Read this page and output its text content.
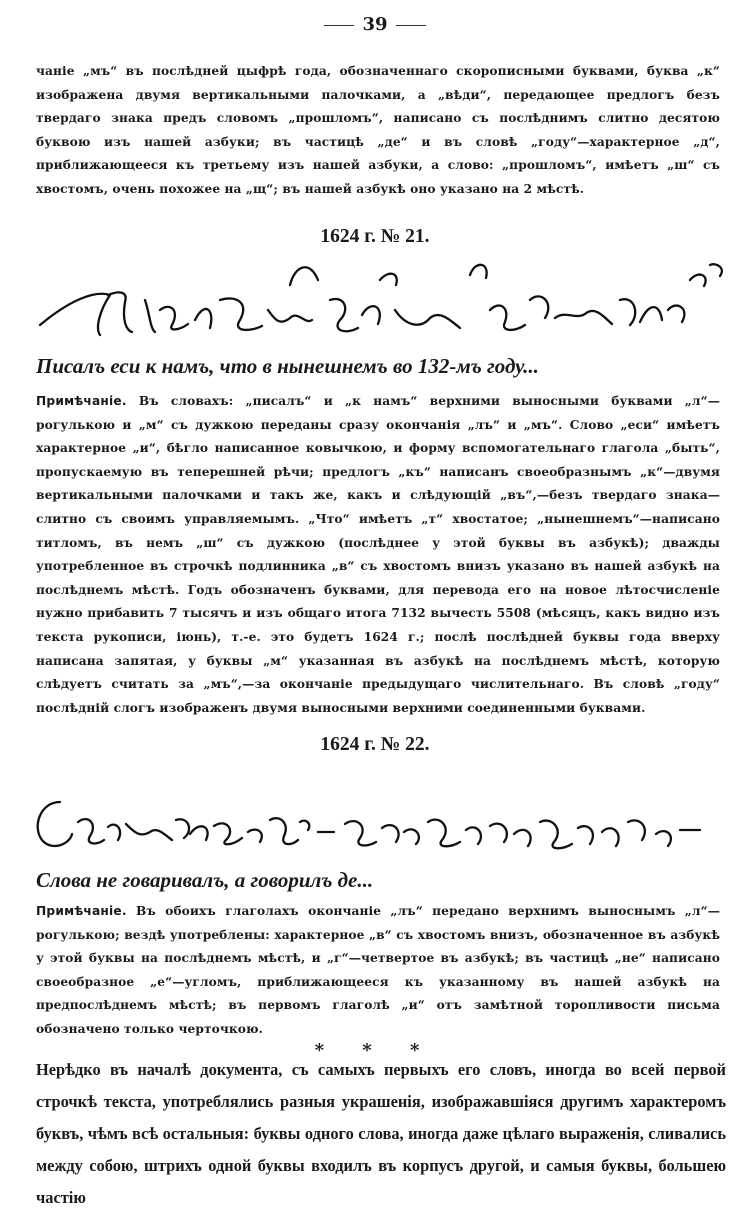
39
чаніе „мъ“ въ послѣдней цыфрѣ года, обозначеннаго скорописными буквами, буква „к“ изображена двумя вертикальными палочками, а „вѣди“, передающее предлогъ безъ твердаго знака предъ словомъ „прошломъ“, написано съ послѣднимъ слитно десятою буквою изъ нашей азбуки; въ частицѣ „де“ и въ словѣ „году“—характерное „д“, приближающееся къ третьему изъ нашей азбуки, а слово: „прошломъ“, имѣетъ „ш“ съ хвостомъ, очень похожее на „щ“; въ нашей азбукѣ оно указано на 2 мѣстѣ.
1624 г. № 21.
Писалъ еси к намъ, что в нынешнемъ во 132-мъ году...
Примѣчаніе. Въ словахъ: „писалъ“ и „к намъ“ верхними выносными буквами „л“—рогулькою и „м“ съ дужкою переданы сразу окончанія „лъ“ и „мъ“. Слово „еси“ имѣетъ характерное „и“, бѣгло написанное ковычкою, и форму вспомогательнаго глагола „быть“, пропускаемую въ теперешней рѣчи; предлогъ „къ“ написанъ своеобразнымъ „к“—двумя вертикальными палочками и такъ же, какъ и слѣдующій „въ“,—безъ твердаго знака—слитно съ своимъ управляемымъ. „Что“ имѣетъ „т“ хвостатое; „нынешнемъ“—написано титломъ, въ немъ „ш“ съ дужкою (послѣднее у этой буквы въ азбукѣ); дважды употребленное въ строчкѣ подлинника „в“ съ хвостомъ внизъ указано въ нашей азбукѣ на послѣднемъ мѣстѣ. Годъ обозначенъ буквами, для перевода его на новое лѣтосчисленіе нужно прибавить 7 тысячъ и изъ общаго итога 7132 вычесть 5508 (мѣсяцъ, какъ видно изъ текста рукописи, іюнь), т.-е. это будетъ 1624 г.; послѣ послѣдней буквы года вверху написана запятая, у буквы „м“ указанная въ азбукѣ на послѣднемъ мѣстѣ, которую слѣдуетъ считать за „мъ“,—за окончаніе предыдущаго числительнаго. Въ словѣ „году“ послѣдній слогъ изображенъ двумя выносными верхними соединенными буквами.
1624 г. № 22.
Слова не говаривалъ, а говорилъ де...
Примѣчаніе. Въ обоихъ глаголахъ окончаніе „лъ“ передано верхнимъ выноснымъ „л“—рогулькою; вездѣ употреблены: характерное „в“ съ хвостомъ внизъ, обозначенное въ азбукѣ у этой буквы на послѣднемъ мѣстѣ, и „г“—четвертое въ азбукѣ; въ частицѣ „не“ написано своеобразное „е“—угломъ, приближающееся къ указанному въ нашей азбукѣ на предпослѣднемъ мѣстѣ; въ первомъ глаголѣ „и“ отъ замѣтной торопливости письма обозначено только черточкою.
* * *
Нерѣдко въ началѣ документа, съ самыхъ первыхъ его словъ, иногда во всей первой строчкѣ текста, употреблялись разныя украшенія, изображавшіяся другимъ характеромъ буквъ, чѣмъ всѣ остальныя: буквы одного слова, иногда даже цѣлаго выраженія, сливались между собою, штрихъ одной буквы входилъ въ корпусъ другой, и самыя буквы, большею частію
